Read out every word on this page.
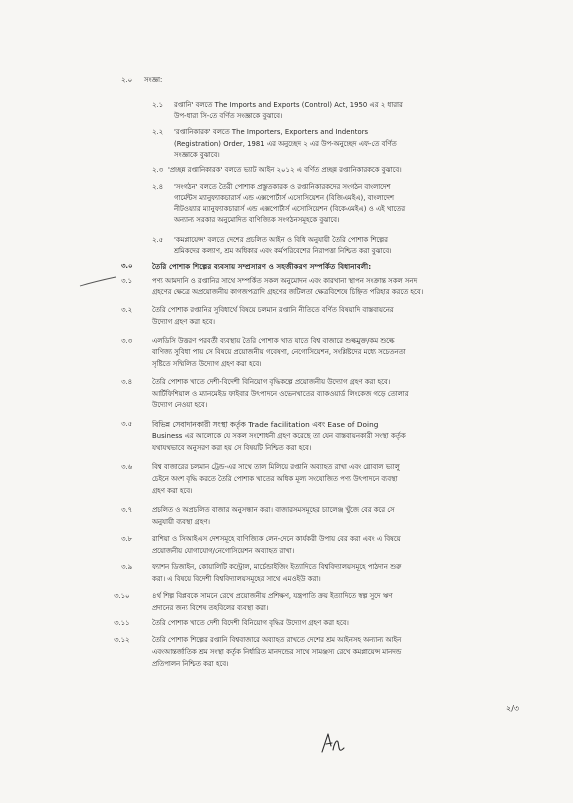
২.০ সংজ্ঞা:
২.১ রপ্তানি' বলতে The Imports and Exports (Control) Act, 1950 এর ২ ধারার
উপ-ধারা সি-তে বর্ণিত সংজ্ঞাকে বুঝাবে।
২.২ 'রপ্তানিকারক' বলতে The Importers, Exporters and Indentors
(Registration) Order, 1981 এর অনুচ্ছেদ ২ এর উপ-অনুচ্ছেদ এফ-তে বর্ণিত
সংজ্ঞাকে বুঝাবে।
২.৩ 'প্রচ্ছন্ন রপ্তানিকারক' বলতে ভ্যাট আইন ২০১২ এ বর্ণিত প্রচ্ছন্ন রপ্তানিকারককে বুঝাবে।
২.৪ 'সংগঠন' বলতে তৈরী পোশাক প্রস্তুতকারক ও রপ্তানিকারকদের সংগঠন বাংলাদেশ
গার্মেন্টস ম্যানুফ্যাকচারার্স এন্ড এক্সপোর্টার্স এসোসিয়েশন (বিজিএমইএ), বাংলাদেশ
নীটওয়্যার ম্যানুফ্যাকচারার্স এন্ড এক্সপোর্টার্স এসোসিয়েশন (বিকেএমইএ) ও এই খাতের
অন্যান্য সরকার অনুমোদিত বাণিজ্যিক সংগঠনসমূহকে বুঝাবে।
২.৫ 'কমপ্লায়েন্স' বলতে দেশের প্রচলিত আইন ও বিধি অনুযায়ী তৈরি পোশাক শিল্পের
শ্রমিকদের কল্যাণ, শ্রম অধিকার এবং কর্মপরিবেশের নিরাপত্তা নিশ্চিত করা বুঝাবে।
৩.০	তৈরি পোশাক শিল্পের ব্যবসায় সম্প্রসারণ ও সহজীকরণ সম্পর্কিত বিধানাবলী:
৩.১	পণ্য আমদানি ও রপ্তানির সাথে সম্পর্কিত সকল অনুমোদন এবং কারখানা স্থাপন সংক্রান্ত সকল সনদ
গ্রহণের ক্ষেত্রে অপ্রয়োজনীয় কাগজপত্রাদি গ্রহণের জটিলতা ক্ষেত্রবিশেষে চিহ্নিত পরিহার করতে হবে।
৩.২	তৈরি পোশাক রপ্তানির সুবিধার্থে বিষয়ে চলমান রপ্তানি নীতিতে বর্ণিত বিষয়াদি বাস্তবায়নের
উদ্যোগ গ্রহণ করা হবে।
৩.৩	এলডিসি উত্তরণ পরবর্তী ব্যবস্থায় তৈরি পোশাক খাত যাতে বিশ্ব বাজারে শুল্কমুক্ত/কম শুল্কে
বাণিজ্য সুবিধা পায় সে বিষয়ে প্রয়োজনীয় গবেষণা, নেগোসিয়েশন, সংশ্লিষ্টদের মধ্যে সচেতনতা
সৃষ্টিতে সম্মিলিত উদ্যোগ গ্রহণ করা হবে।
৩.৪	তৈরি পোশাক খাতে দেশী-বিদেশী বিনিয়োগ বৃদ্ধিকল্পে প্রয়োজনীয় উদ্যোগ গ্রহণ করা হবে।
আর্টিফিশিয়াল ও ম্যানমেইড ফাইবার উৎপাদনে ওভেনখাতের ব্যাকওয়ার্ড লিংকেজ গড়ে তোলার
উদ্যোগ নেওয়া হবে।
৩.৫	বিভিন্ন সেবাদানকারী সংস্থা কর্তৃক Trade facilitation এবং Ease of Doing
Business এর আলোকে যে সকল সংশোধনী গ্রহণ করেছে তা যেন বাস্তবায়নকারী সংস্থা কর্তৃক
যথাযথভাবে অনুসরণ করা হয় সে বিষয়টি নিশ্চিত করা হবে।
৩.৬	বিশ্ব বাজারের চলমান ট্রেন্ড-এর সাথে তাল মিলিয়ে রপ্তানি অব্যাহত রাখা এবং গ্লোবাল ভ্যালু
চেইনে অংশ বৃদ্ধি করতে তৈরি পোশাক খাতের অধিক মূল্য সংযোজিত পণ্য উৎপাদনে ব্যবস্থা
গ্রহণ করা হবে।
৩.৭	প্রচলিত ও অপ্রচলিত বাজার অনুসন্ধান করা। বাজারসমসমূহের চ্যালেঞ্জ খুঁজে বের করে সে
অনুযায়ী ব্যবস্থা গ্রহণ।
৩.৮	রাশিয়া ও সিআইএস দেশসমূহে বাণিজ্যিক লেন-দেনে কার্যকরী উপায় বের করা এবং এ বিষয়ে
প্রয়োজনীয় যোগাযোগ/নেগোসিয়েশন অব্যাহত রাখা।
৩.৯	ফ্যাশন ডিজাইন, কোয়ালিটি কন্ট্রোল, মার্চেন্ডাইজিং ইত্যাদিতে বিশ্ববিদ্যালয়সমূহে পাঠদান শুরু
করা। এ বিষয়ে বিদেশী বিশ্ববিদ্যালয়সমূহের সাথে এমওইউ করা।
৩.১০	৪র্থ শিল্প বিপ্লবকে সামনে রেখে প্রয়োজনীয় প্রশিক্ষণ, যন্ত্রপাতি ক্রয় ইত্যাদিতে স্বল্প সুদে ঋণ
প্রদানের জন্য বিশেষ তহবিলের ব্যবস্থা করা।
৩.১১	তৈরি পোশাক খাতে দেশী বিদেশী বিনিয়োগ বৃদ্ধির উদ্যোগ গ্রহণ করা হবে।
৩.১২	তৈরি পোশাক শিল্পের রপ্তানি বিশ্ববাজারে অব্যাহত রাখতে দেশের শ্রম আইনসহ অন্যান্য আইন
এবংআন্তর্জাতিক শ্রম সংস্থা কর্তৃক নির্ধারিত মানদন্ডের সাথে সামঞ্জস্য রেখে কমপ্লায়েন্স মানদন্ড
প্রতিপালন নিশ্চিত করা হবে।
২/৩
